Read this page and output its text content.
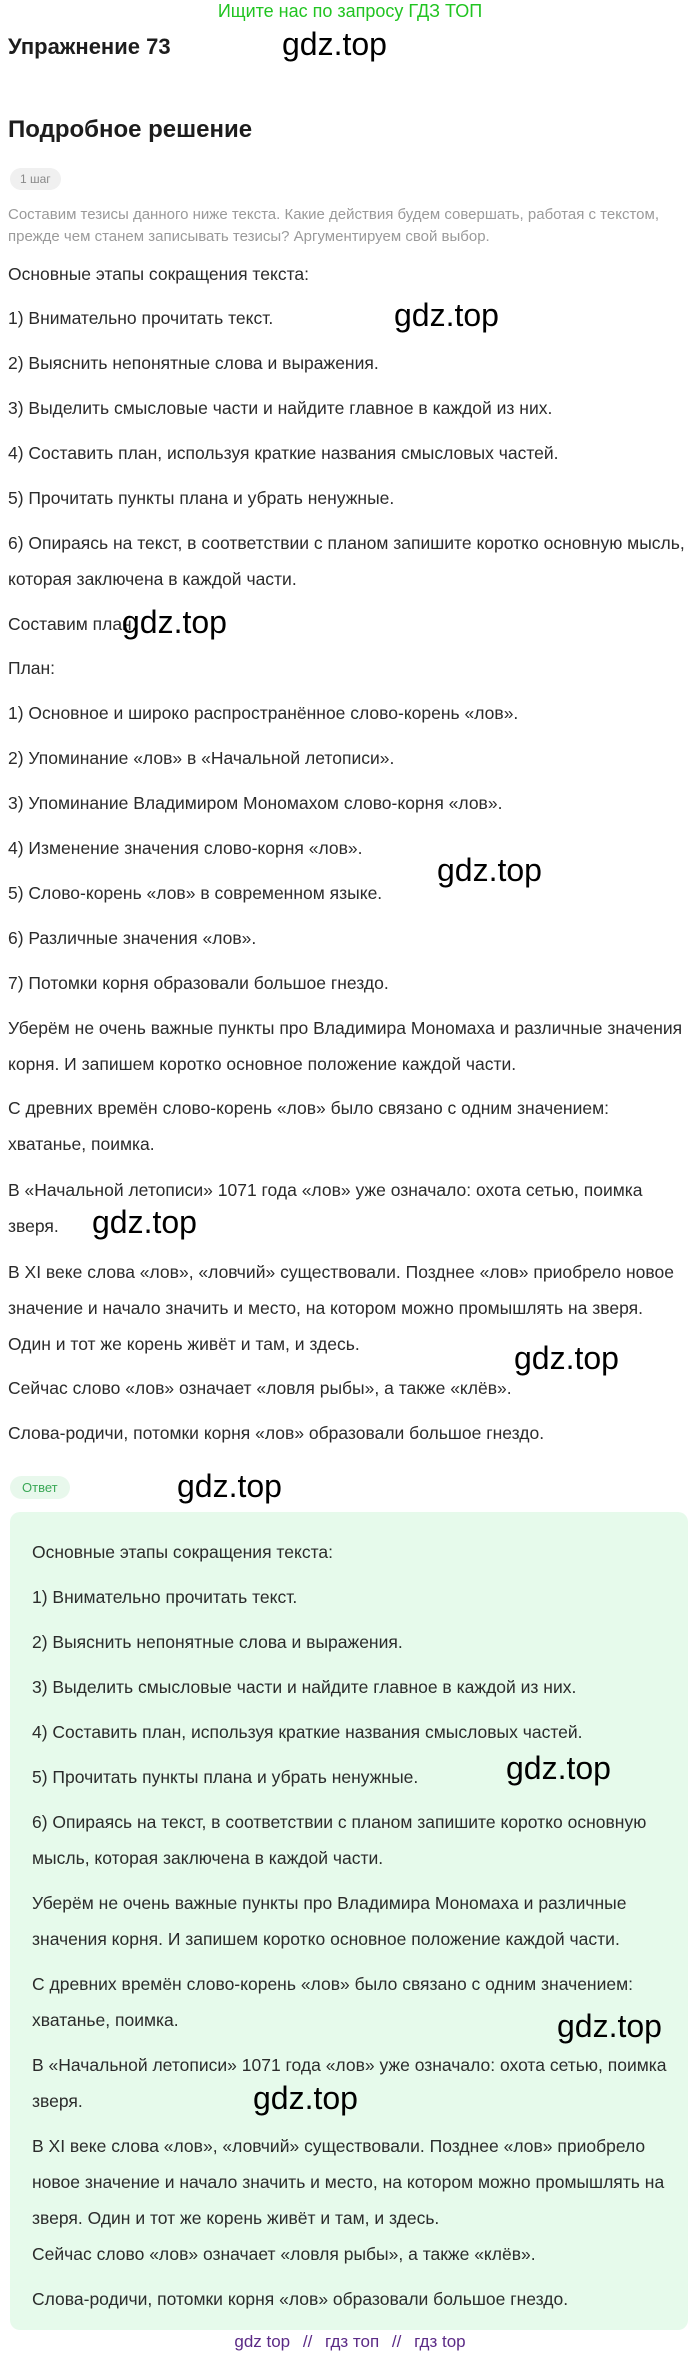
Ищите нас по запросу ГДЗ ТОП
Упражнение 73	gdz.top
Подробное решение
1 шаг
Составим тезисы данного ниже текста. Какие действия будем совершать, работая с текстом, прежде чем станем записывать тезисы? Аргументируем свой выбор.
Основные этапы сокращения текста:
1) Внимательно прочитать текст.
2) Выяснить непонятные слова и выражения.
3) Выделить смысловые части и найдите главное в каждой из них.
4) Составить план, используя краткие названия смысловых частей.
5) Прочитать пункты плана и убрать ненужные.
6) Опираясь на текст, в соответствии с планом запишите коротко основную мысль, которая заключена в каждой части.
Составим план.
План:
1) Основное и широко распространённое слово-корень «лов».
2) Упоминание «лов» в «Начальной летописи».
3) Упоминание Владимиром Мономахом слово-корня «лов».
4) Изменение значения слово-корня «лов».
5) Слово-корень «лов» в современном языке.
6) Различные значения «лов».
7) Потомки корня образовали большое гнездо.
Уберём не очень важные пункты про Владимира Мономаха и различные значения корня. И запишем коротко основное положение каждой части.
С древних времён слово-корень «лов» было связано с одним значением: хватанье, поимка.
В «Начальной летописи» 1071 года «лов» уже означало: охота сетью, поимка зверя.
В XI веке слова «лов», «ловчий» существовали. Позднее «лов» приобрело новое значение и начало значить и место, на котором можно промышлять на зверя. Один и тот же корень живёт и там, и здесь.
Сейчас слово «лов» означает «ловля рыбы», а также «клёв».
Слова-родичи, потомки корня «лов» образовали большое гнездо.
gdz.top
gdz.top
gdz.top
gdz.top
gdz.top
Ответ	gdz.top
Основные этапы сокращения текста:
1) Внимательно прочитать текст.
2) Выяснить непонятные слова и выражения.
3) Выделить смысловые части и найдите главное в каждой из них.
4) Составить план, используя краткие названия смысловых частей.
5) Прочитать пункты плана и убрать ненужные.
6) Опираясь на текст, в соответствии с планом запишите коротко основную мысль, которая заключена в каждой части.
Уберём не очень важные пункты про Владимира Мономаха и различные значения корня. И запишем коротко основное положение каждой части.
С древних времён слово-корень «лов» было связано с одним значением: хватанье, поимка.
В «Начальной летописи» 1071 года «лов» уже означало: охота сетью, поимка зверя.
В XI веке слова «лов», «ловчий» существовали. Позднее «лов» приобрело новое значение и начало значить и место, на котором можно промышлять на зверя. Один и тот же корень живёт и там, и здесь.
Сейчас слово «лов» означает «ловля рыбы», а также «клёв».
Слова-родичи, потомки корня «лов» образовали большое гнездо.
gdz.top
gdz.top
gdz.top
gdz top // гдз топ // гдз top
